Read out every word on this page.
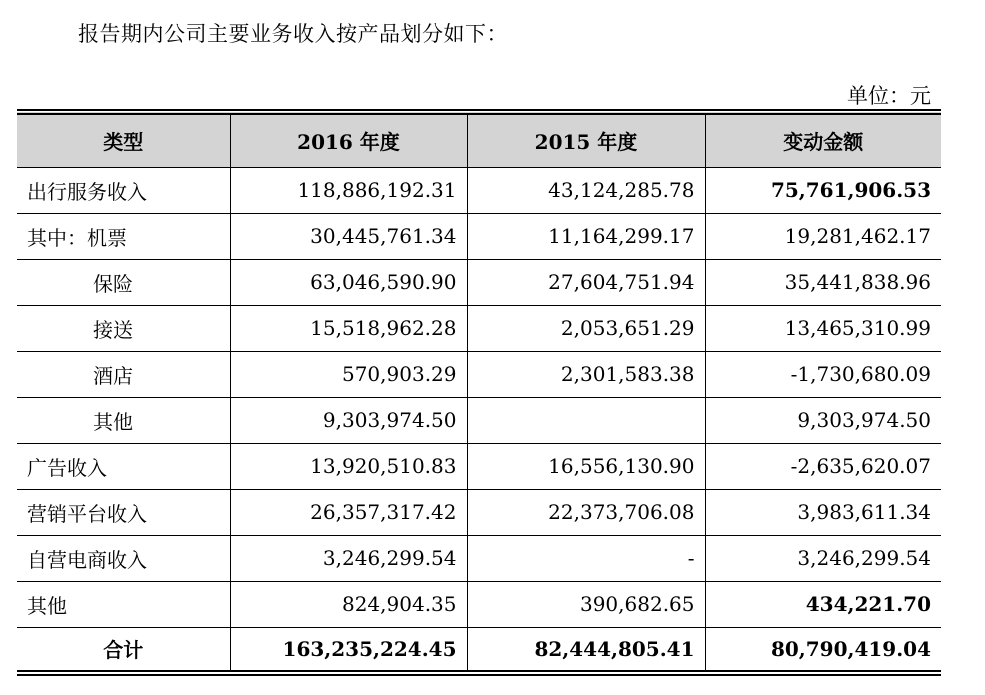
报告期内公司主要业务收入按产品划分如下：
单位：元
类型	2016 年度	2015 年度	变动金额
出行服务收入	118,886,192.31	43,124,285.78	75,761,906.53
其中：机票	30,445,761.34	11,164,299.17	19,281,462.17
保险	63,046,590.90	27,604,751.94	35,441,838.96
接送	15,518,962.28	2,053,651.29	13,465,310.99
酒店	570,903.29	2,301,583.38	-1,730,680.09
其他	9,303,974.50		9,303,974.50
广告收入	13,920,510.83	16,556,130.90	-2,635,620.07
营销平台收入	26,357,317.42	22,373,706.08	3,983,611.34
自营电商收入	3,246,299.54	-	3,246,299.54
其他	824,904.35	390,682.65	434,221.70
合计	163,235,224.45	82,444,805.41	80,790,419.04
